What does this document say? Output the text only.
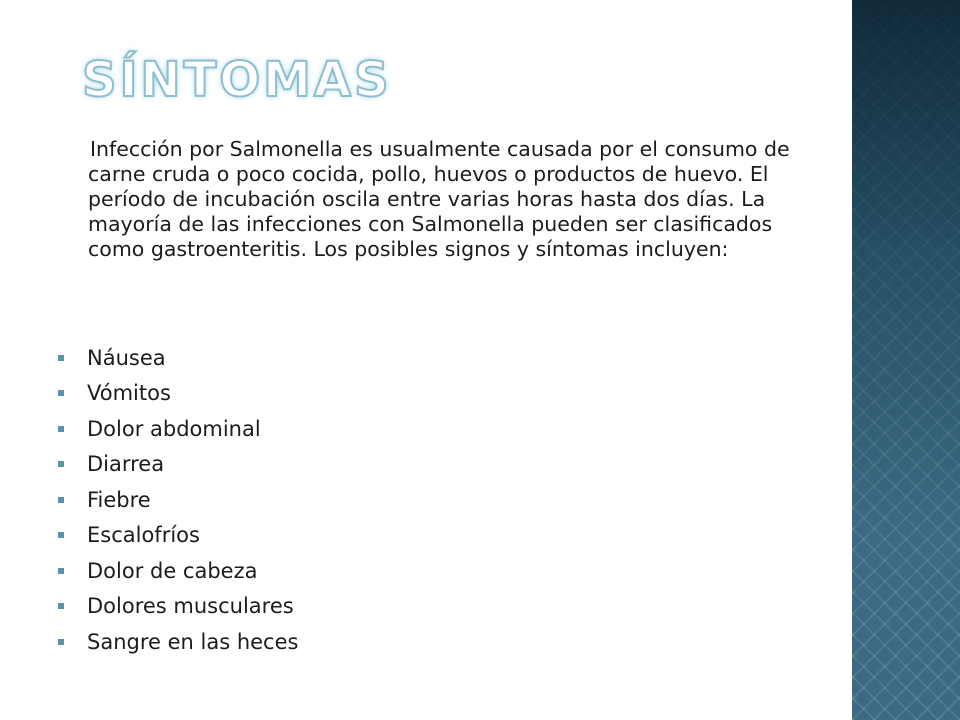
SÍNTOMAS

Infección por Salmonella es usualmente causada por el consumo de carne cruda o poco cocida, pollo, huevos o productos de huevo. El período de incubación oscila entre varias horas hasta dos días. La mayoría de las infecciones con Salmonella pueden ser clasificados como gastroenteritis. Los posibles signos y síntomas incluyen:

Náusea
Vómitos
Dolor abdominal
Diarrea
Fiebre
Escalofríos
Dolor de cabeza
Dolores musculares
Sangre en las heces
